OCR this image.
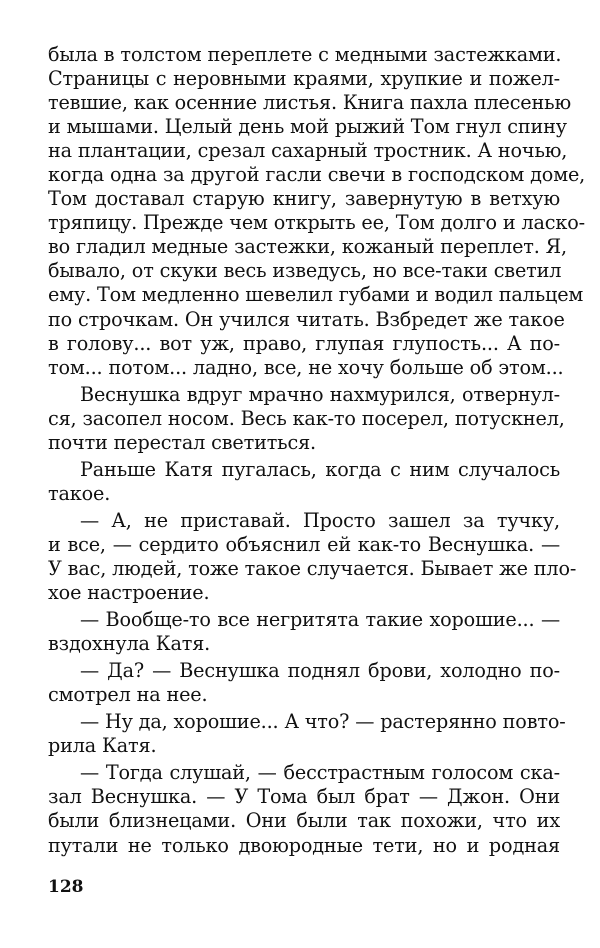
была в толстом переплете с медными застежками.
Страницы с неровными краями, хрупкие и пожел-
тевшие, как осенние листья. Книга пахла плесенью
и мышами. Целый день мой рыжий Том гнул спину
на плантации, срезал сахарный тростник. А ночью,
когда одна за другой гасли свечи в господском доме,
Том доставал старую книгу, завернутую в ветхую
тряпицу. Прежде чем открыть ее, Том долго и ласко-
во гладил медные застежки, кожаный переплет. Я,
бывало, от скуки весь изведусь, но все-таки светил
ему. Том медленно шевелил губами и водил пальцем
по строчкам. Он учился читать. Взбредет же такое
в голову... вот уж, право, глупая глупость... А по-
том... потом... ладно, все, не хочу больше об этом...
Веснушка вдруг мрачно нахмурился, отвернул-
ся, засопел носом. Весь как-то посерел, потускнел,
почти перестал светиться.
Раньше Катя пугалась, когда с ним случалось
такое.
— А, не приставай. Просто зашел за тучку,
и все, — сердито объяснил ей как-то Веснушка. —
У вас, людей, тоже такое случается. Бывает же пло-
хое настроение.
— Вообще-то все негритята такие хорошие... —
вздохнула Катя.
— Да? — Веснушка поднял брови, холодно по-
смотрел на нее.
— Ну да, хорошие... А что? — растерянно повто-
рила Катя.
— Тогда слушай, — бесстрастным голосом ска-
зал Веснушка. — У Тома был брат — Джон. Они
были близнецами. Они были так похожи, что их
путали не только двоюродные тети, но и родная
128
